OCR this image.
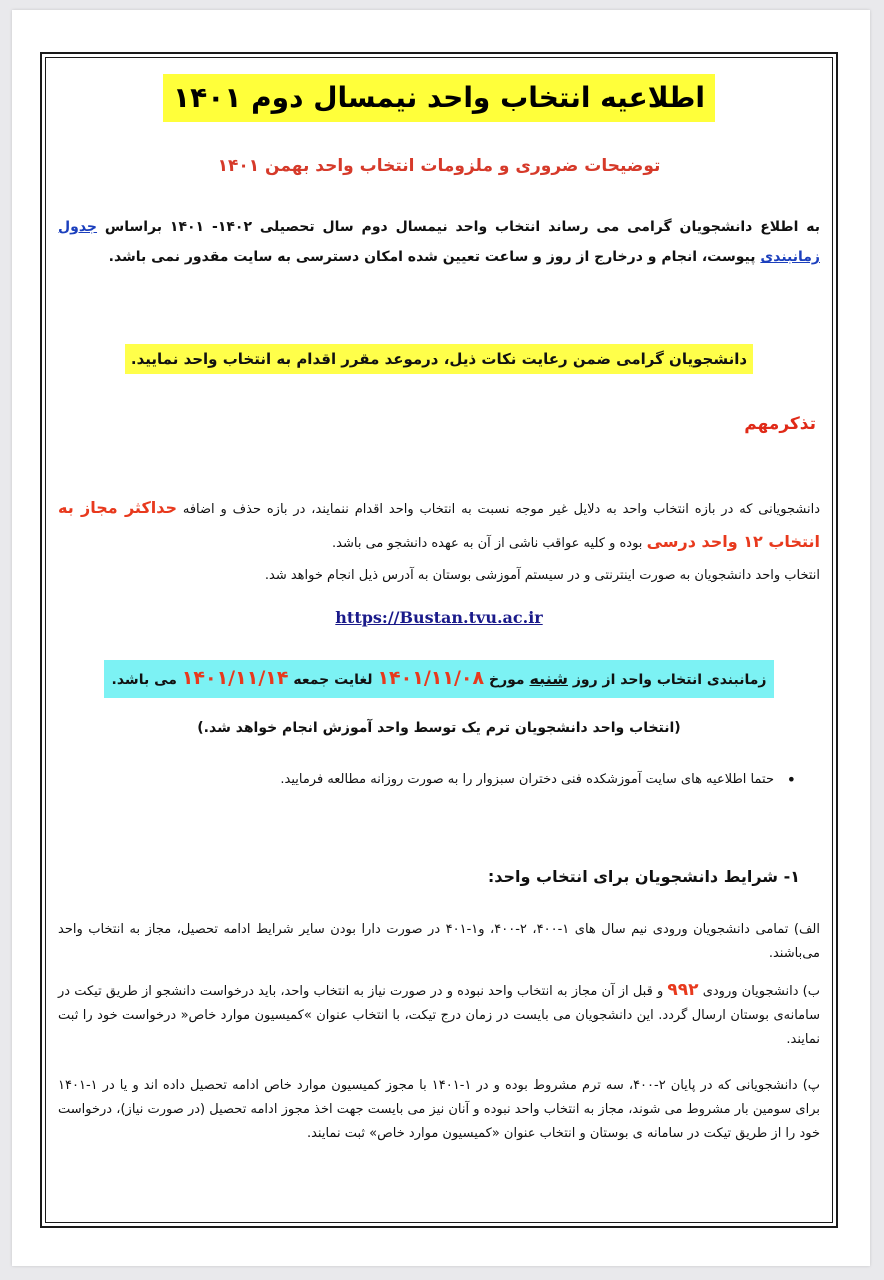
اطلاعیه انتخاب واحد نیمسال دوم ۱۴۰۱
توضیحات ضروری و ملزومات انتخاب واحد بهمن ۱۴۰۱
به اطلاع دانشجویان گرامی می رساند انتخاب واحد نیمسال دوم سال تحصیلی ۱۴۰۲- ۱۴۰۱ براساس جدول زمانبندی پیوست، انجام و درخارج از روز و ساعت تعیین شده امکان دسترسی به سایت مقدور نمی باشد.
دانشجویان گرامی ضمن رعایت نکات ذیل، درموعد مقرر اقدام به انتخاب واحد نمایید.
تذکرمهم
دانشجویانی که در بازه انتخاب واحد به دلایل غیر موجه نسبت به انتخاب واحد اقدام ننمایند، در بازه حذف و اضافه حداکثر مجاز به انتخاب ۱۲ واحد درسی بوده و کلیه عواقب ناشی از آن به عهده دانشجو می باشد.
انتخاب واحد دانشجویان به صورت اینترنتی و در سیستم آموزشی بوستان به آدرس ذیل انجام خواهد شد.
https://Bustan.tvu.ac.ir
زمانبندی انتخاب واحد از روز شنبه مورخ ۱۴۰۱/۱۱/۰۸ لغایت جمعه ۱۴۰۱/۱۱/۱۴ می باشد.
(انتخاب واحد دانشجویان ترم یک توسط واحد آموزش انجام خواهد شد.)
• حتما اطلاعیه های سایت آموزشکده فنی دختران سبزوار را به صورت روزانه مطالعه فرمایید.
۱- شرایط دانشجویان برای انتخاب واحد:
الف) تمامی دانشجویان ورودی نیم سال های ۱-۴۰۰، ۲-۴۰۰، و۱-۴۰۱ در صورت دارا بودن سایر شرایط ادامه تحصیل، مجاز به انتخاب واحد می‌باشند.
ب) دانشجویان ورودی ۹۹۲ و قبل از آن مجاز به انتخاب واحد نبوده و در صورت نیاز به انتخاب واحد، باید درخواست دانشجو از طریق تیکت در سامانه‌ی بوستان ارسال گردد. این دانشجویان می بایست در زمان درج تیکت، با انتخاب عنوان »کمیسیون موارد خاص« درخواست خود را ثبت نمایند.
پ) دانشجویانی که در پایان ۲-۴۰۰، سه ترم مشروط بوده و در ۱-۱۴۰۱ با مجوز کمیسیون موارد خاص ادامه تحصیل داده اند و یا در ۱-۱۴۰۱ برای سومین بار مشروط می شوند، مجاز به انتخاب واحد نبوده و آنان نیز می بایست جهت اخذ مجوز ادامه تحصیل (در صورت نیاز)، درخواست خود را از طریق تیکت در سامانه ی بوستان و انتخاب عنوان «کمیسیون موارد خاص» ثبت نمایند.
